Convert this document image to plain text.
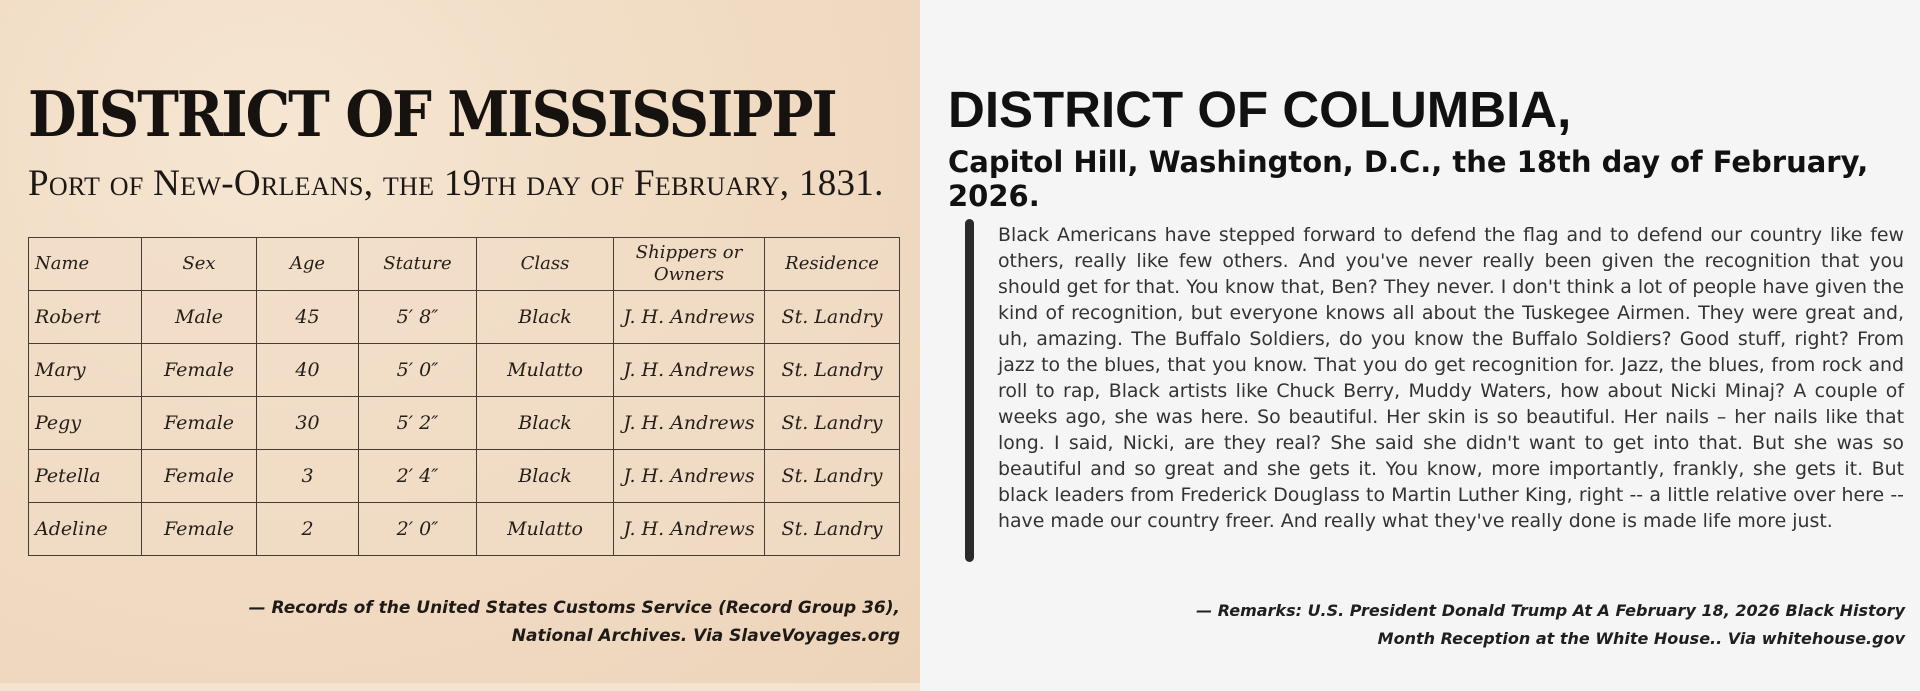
DISTRICT OF MISSISSIPPI
Port of New-Orleans, the 19th day of February, 1831.
Name	Sex	Age	Stature	Class	Shippers or Owners	Residence
Robert	Male	45	5′ 8″	Black	J. H. Andrews	St. Landry
Mary	Female	40	5′ 0″	Mulatto	J. H. Andrews	St. Landry
Pegy	Female	30	5′ 2″	Black	J. H. Andrews	St. Landry
Petella	Female	3	2′ 4″	Black	J. H. Andrews	St. Landry
Adeline	Female	2	2′ 0″	Mulatto	J. H. Andrews	St. Landry

— Records of the United States Customs Service (Record Group 36),
National Archives. Via SlaveVoyages.org

DISTRICT OF COLUMBIA,
Capitol Hill, Washington, D.C., the 18th day of February, 2026.

Black Americans have stepped forward to defend the flag and to defend our country like few others, really like few others. And you've never really been given the recognition that you should get for that. You know that, Ben? They never. I don't think a lot of people have given the kind of recognition, but everyone knows all about the Tuskegee Airmen. They were great and, uh, amazing. The Buffalo Soldiers, do you know the Buffalo Soldiers? Good stuff, right? From jazz to the blues, that you know. That you do get recognition for. Jazz, the blues, from rock and roll to rap, Black artists like Chuck Berry, Muddy Waters, how about Nicki Minaj? A couple of weeks ago, she was here. So beautiful. Her skin is so beautiful. Her nails – her nails like that long. I said, Nicki, are they real? She said she didn't want to get into that. But she was so beautiful and so great and she gets it. You know, more importantly, frankly, she gets it. But black leaders from Frederick Douglass to Martin Luther King, right -- a little relative over here -- have made our country freer. And really what they've really done is made life more just.

— Remarks: U.S. President Donald Trump At A February 18, 2026 Black History
Month Reception at the White House.. Via whitehouse.gov
